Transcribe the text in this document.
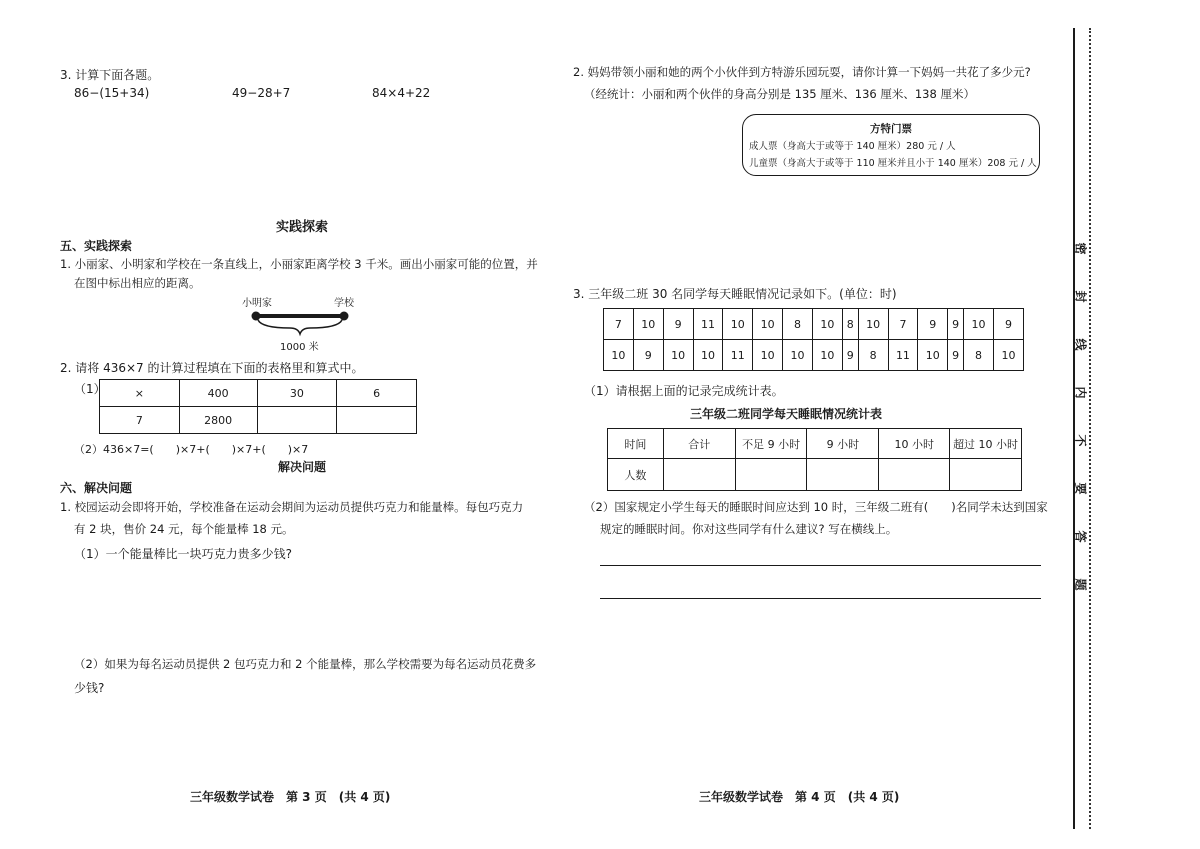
3. 计算下面各题。
86−(15+34)	49−28+7	84×4+22
实践探索
五、实践探索
1. 小丽家、小明家和学校在一条直线上，小丽家距离学校 3 千米。画出小丽家可能的位置，并
在图中标出相应的距离。
小明家	学校
1000 米
2. 请将 436×7 的计算过程填在下面的表格里和算式中。
（1）	×	400	30	6
7	2800		
（2）436×7=(　　)×7+(　　)×7+(　　)×7
解决问题
六、解决问题
1. 校园运动会即将开始，学校准备在运动会期间为运动员提供巧克力和能量棒。每包巧克力
有 2 块，售价 24 元，每个能量棒 18 元。
（1）一个能量棒比一块巧克力贵多少钱?
（2）如果为每名运动员提供 2 包巧克力和 2 个能量棒，那么学校需要为每名运动员花费多
少钱?
三年级数学试卷　第 3 页　(共 4 页)
2. 妈妈带领小丽和她的两个小伙伴到方特游乐园玩耍，请你计算一下妈妈一共花了多少元?
（经统计：小丽和两个伙伴的身高分别是 135 厘米、136 厘米、138 厘米）
方特门票
成人票（身高大于或等于 140 厘米）280 元 / 人
儿童票（身高大于或等于 110 厘米并且小于 140 厘米）208 元 / 人
3. 三年级二班 30 名同学每天睡眠情况记录如下。(单位：时)
7	10	9	11	10	10	8	10	8	10	7	9	9	10	9
10	9	10	10	11	10	10	10	9	8	11	10	9	8	10
（1）请根据上面的记录完成统计表。
三年级二班同学每天睡眠情况统计表
时间	合计	不足 9 小时	9 小时	10 小时	超过 10 小时
人数					
（2）国家规定小学生每天的睡眠时间应达到 10 时，三年级二班有(　　)名同学未达到国家
规定的睡眠时间。你对这些同学有什么建议? 写在横线上。
三年级数学试卷　第 4 页　(共 4 页)
密
封
线
内
不
要
答
题
